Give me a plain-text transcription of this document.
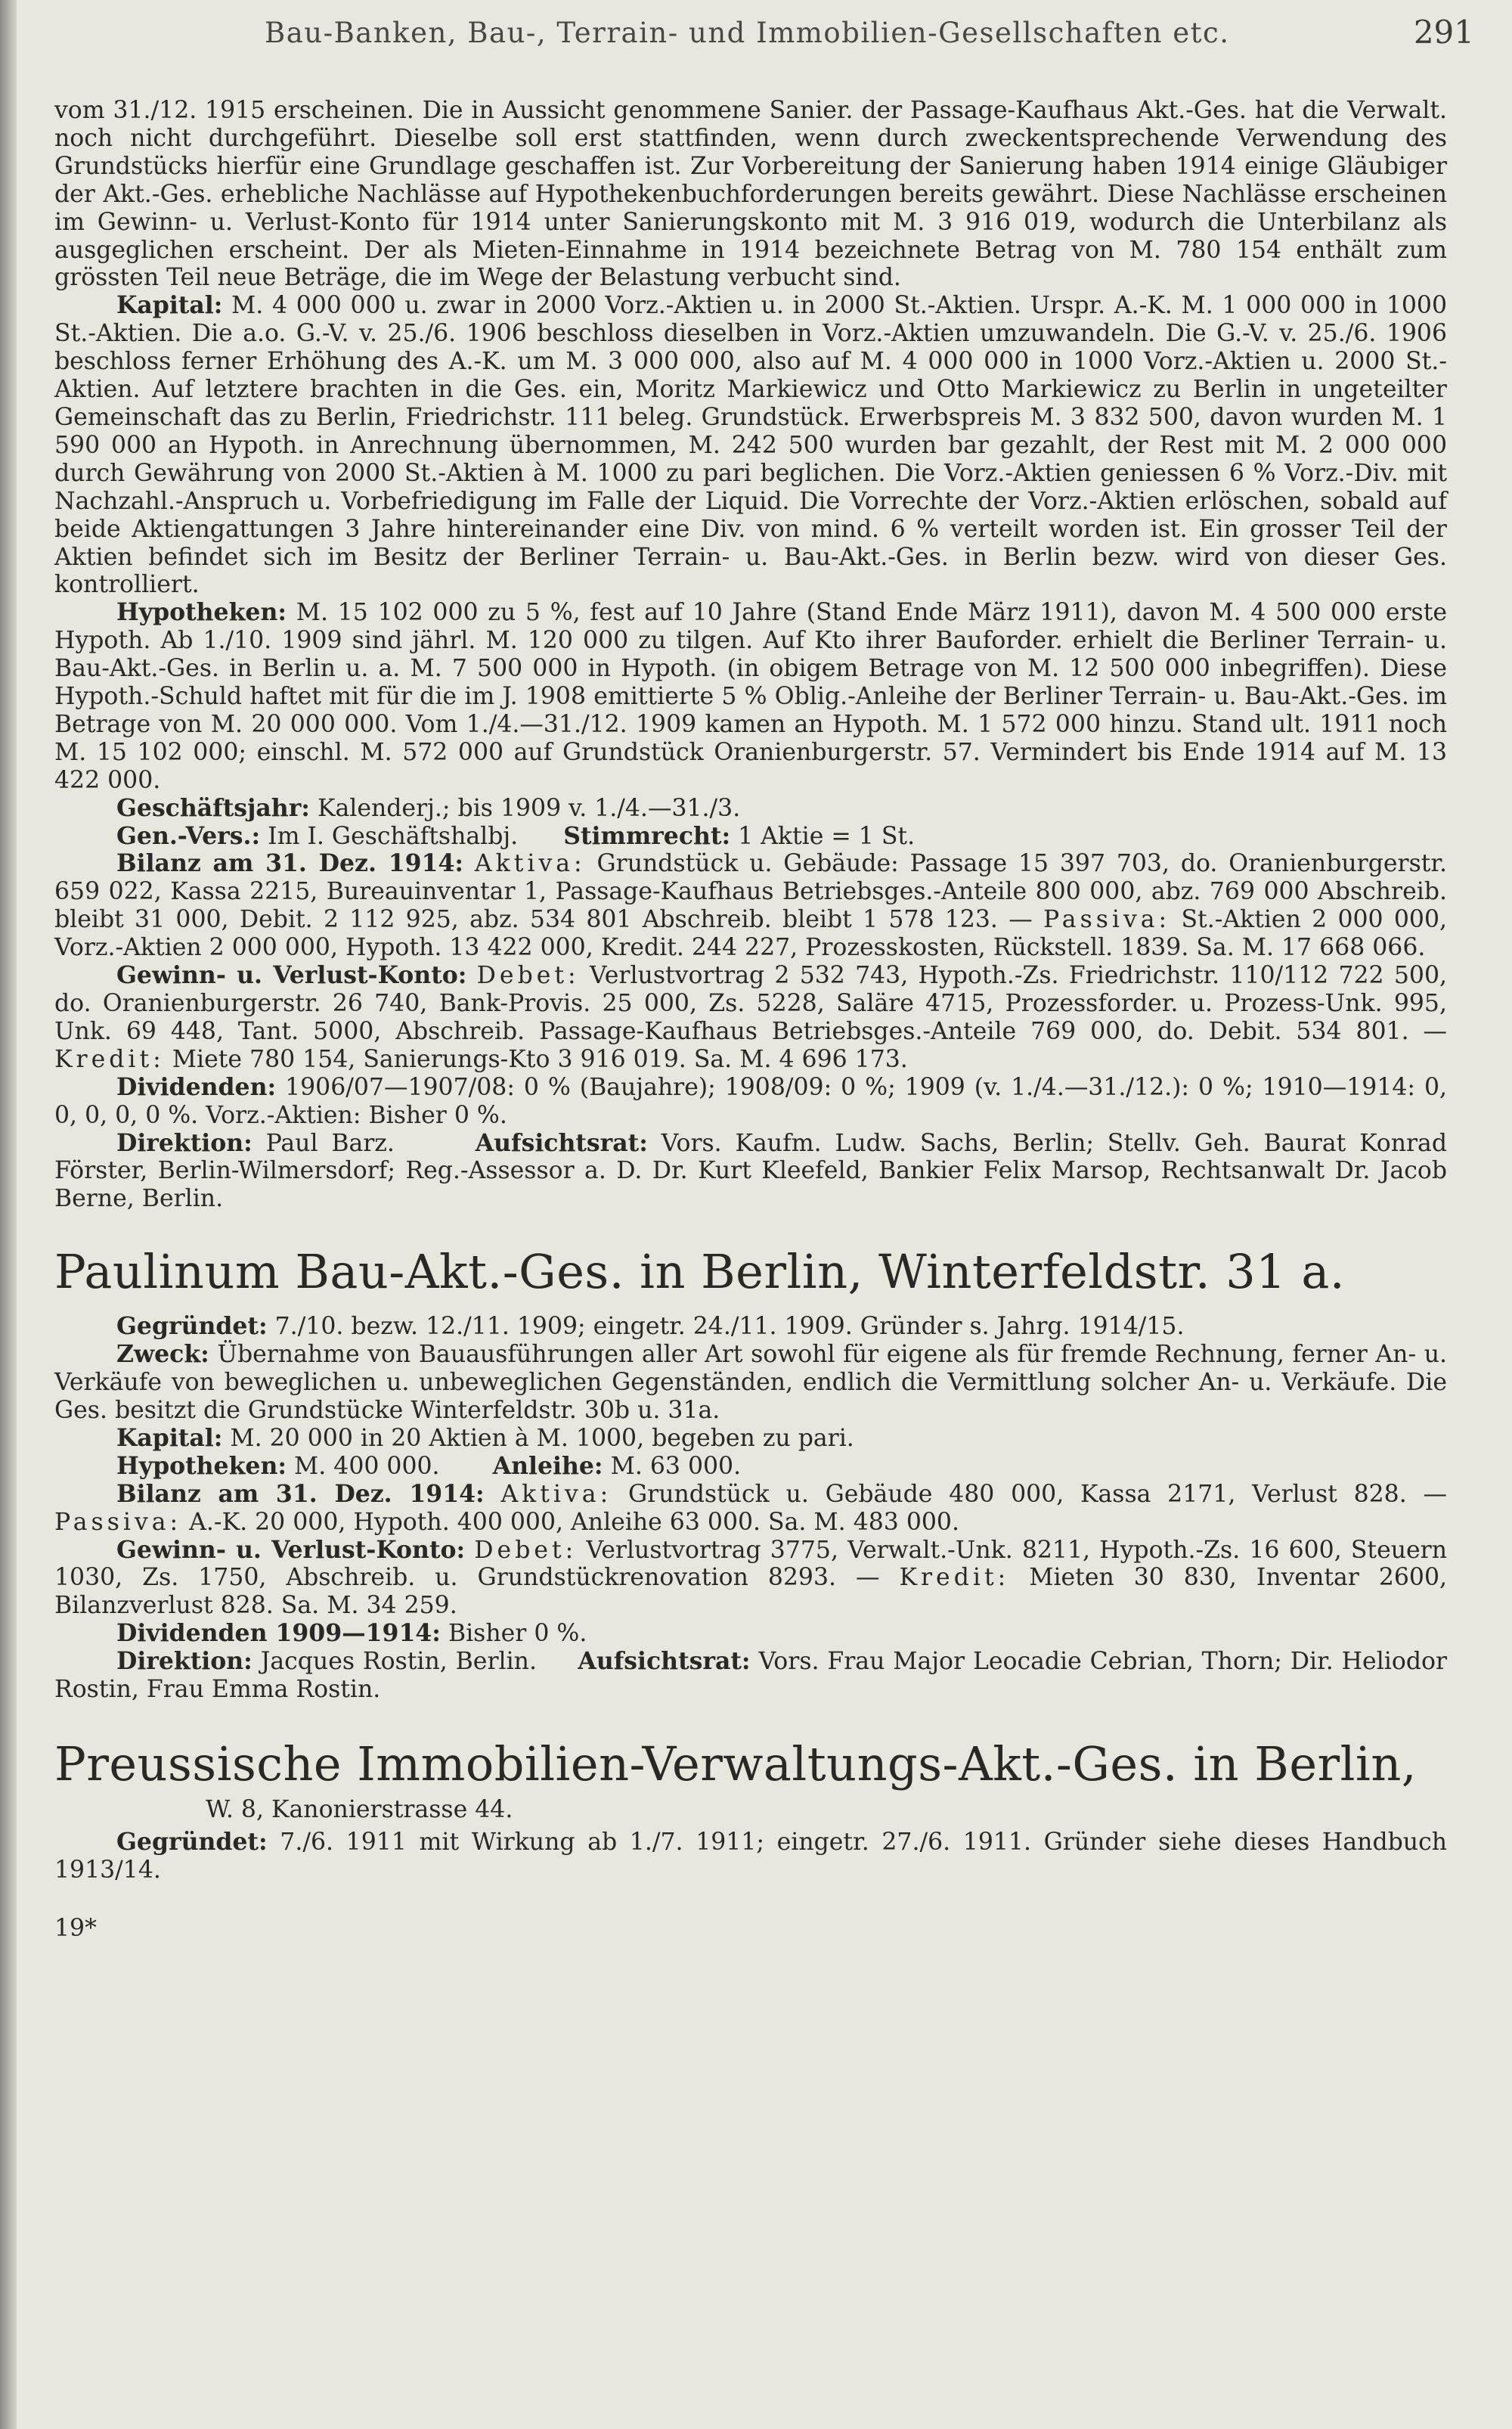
Bau-Banken, Bau-, Terrain- und Immobilien-Gesellschaften etc.	291

vom 31./12. 1915 erscheinen. Die in Aussicht genommene Sanier. der Passage-Kaufhaus Akt.-Ges. hat die Verwalt. noch nicht durchgeführt. Dieselbe soll erst stattfinden, wenn durch zweckentsprechende Verwendung des Grundstücks hierfür eine Grundlage geschaffen ist. Zur Vorbereitung der Sanierung haben 1914 einige Gläubiger der Akt.-Ges. erhebliche Nachlässe auf Hypothekenbuchforderungen bereits gewährt. Diese Nachlässe erscheinen im Gewinn- u. Verlust-Konto für 1914 unter Sanierungskonto mit M. 3 916 019, wodurch die Unterbilanz als ausgeglichen erscheint. Der als Mieten-Einnahme in 1914 bezeichnete Betrag von M. 780 154 enthält zum grössten Teil neue Beträge, die im Wege der Belastung verbucht sind.

Kapital: M. 4 000 000 u. zwar in 2000 Vorz.-Aktien u. in 2000 St.-Aktien. Urspr. A.-K. M. 1 000 000 in 1000 St.-Aktien. Die a.o. G.-V. v. 25./6. 1906 beschloss dieselben in Vorz.-Aktien umzuwandeln. Die G.-V. v. 25./6. 1906 beschloss ferner Erhöhung des A.-K. um M. 3 000 000, also auf M. 4 000 000 in 1000 Vorz.-Aktien u. 2000 St.-Aktien. Auf letztere brachten in die Ges. ein, Moritz Markiewicz und Otto Markiewicz zu Berlin in ungeteilter Gemeinschaft das zu Berlin, Friedrichstr. 111 beleg. Grundstück. Erwerbspreis M. 3 832 500, davon wurden M. 1 590 000 an Hypoth. in Anrechnung übernommen, M. 242 500 wurden bar gezahlt, der Rest mit M. 2 000 000 durch Gewährung von 2000 St.-Aktien à M. 1000 zu pari beglichen. Die Vorz.-Aktien geniessen 6 % Vorz.-Div. mit Nachzahl.-Anspruch u. Vorbefriedigung im Falle der Liquid. Die Vorrechte der Vorz.-Aktien erlöschen, sobald auf beide Aktiengattungen 3 Jahre hintereinander eine Div. von mind. 6 % verteilt worden ist. Ein grosser Teil der Aktien befindet sich im Besitz der Berliner Terrain- u. Bau-Akt.-Ges. in Berlin bezw. wird von dieser Ges. kontrolliert.

Hypotheken: M. 15 102 000 zu 5 %, fest auf 10 Jahre (Stand Ende März 1911), davon M. 4 500 000 erste Hypoth. Ab 1./10. 1909 sind jährl. M. 120 000 zu tilgen. Auf Kto ihrer Bauforder. erhielt die Berliner Terrain- u. Bau-Akt.-Ges. in Berlin u. a. M. 7 500 000 in Hypoth. (in obigem Betrage von M. 12 500 000 inbegriffen). Diese Hypoth.-Schuld haftet mit für die im J. 1908 emittierte 5 % Oblig.-Anleihe der Berliner Terrain- u. Bau-Akt.-Ges. im Betrage von M. 20 000 000. Vom 1./4.—31./12. 1909 kamen an Hypoth. M. 1 572 000 hinzu. Stand ult. 1911 noch M. 15 102 000; einschl. M. 572 000 auf Grundstück Oranienburgerstr. 57. Vermindert bis Ende 1914 auf M. 13 422 000.

Geschäftsjahr: Kalenderj.; bis 1909 v. 1./4.—31./3.

Gen.-Vers.: Im I. Geschäftshalbj. Stimmrecht: 1 Aktie = 1 St.

Bilanz am 31. Dez. 1914: Aktiva: Grundstück u. Gebäude: Passage 15 397 703, do. Oranienburgerstr. 659 022, Kassa 2215, Bureauinventar 1, Passage-Kaufhaus Betriebsges.-Anteile 800 000, abz. 769 000 Abschreib. bleibt 31 000, Debit. 2 112 925, abz. 534 801 Abschreib. bleibt 1 578 123. — Passiva: St.-Aktien 2 000 000, Vorz.-Aktien 2 000 000, Hypoth. 13 422 000, Kredit. 244 227, Prozesskosten, Rückstell. 1839. Sa. M. 17 668 066.

Gewinn- u. Verlust-Konto: Debet: Verlustvortrag 2 532 743, Hypoth.-Zs. Friedrichstr. 110/112 722 500, do. Oranienburgerstr. 26 740, Bank-Provis. 25 000, Zs. 5228, Saläre 4715, Prozessforder. u. Prozess-Unk. 995, Unk. 69 448, Tant. 5000, Abschreib. Passage-Kaufhaus Betriebsges.-Anteile 769 000, do. Debit. 534 801. — Kredit: Miete 780 154, Sanierungs-Kto 3 916 019. Sa. M. 4 696 173.

Dividenden: 1906/07—1907/08: 0 % (Baujahre); 1908/09: 0 %; 1909 (v. 1./4.—31./12.): 0 %; 1910—1914: 0, 0, 0, 0, 0 %. Vorz.-Aktien: Bisher 0 %.

Direktion: Paul Barz.	Aufsichtsrat: Vors. Kaufm. Ludw. Sachs, Berlin; Stellv. Geh. Baurat Konrad Förster, Berlin-Wilmersdorf; Reg.-Assessor a. D. Dr. Kurt Kleefeld, Bankier Felix Marsop, Rechtsanwalt Dr. Jacob Berne, Berlin.

Paulinum Bau-Akt.-Ges. in Berlin, Winterfeldstr. 31 a.

Gegründet: 7./10. bezw. 12./11. 1909; eingetr. 24./11. 1909. Gründer s. Jahrg. 1914/15.

Zweck: Übernahme von Bauausführungen aller Art sowohl für eigene als für fremde Rechnung, ferner An- u. Verkäufe von beweglichen u. unbeweglichen Gegenständen, endlich die Vermittlung solcher An- u. Verkäufe. Die Ges. besitzt die Grundstücke Winterfeldstr. 30b u. 31a.

Kapital: M. 20 000 in 20 Aktien à M. 1000, begeben zu pari.

Hypotheken: M. 400 000. Anleihe: M. 63 000.

Bilanz am 31. Dez. 1914: Aktiva: Grundstück u. Gebäude 480 000, Kassa 2171, Verlust 828. — Passiva: A.-K. 20 000, Hypoth. 400 000, Anleihe 63 000. Sa. M. 483 000.

Gewinn- u. Verlust-Konto: Debet: Verlustvortrag 3775, Verwalt.-Unk. 8211, Hypoth.-Zs. 16 600, Steuern 1030, Zs. 1750, Abschreib. u. Grundstückrenovation 8293. — Kredit: Mieten 30 830, Inventar 2600, Bilanzverlust 828. Sa. M. 34 259.

Dividenden 1909—1914: Bisher 0 %.

Direktion: Jacques Rostin, Berlin. Aufsichtsrat: Vors. Frau Major Leocadie Cebrian, Thorn; Dir. Heliodor Rostin, Frau Emma Rostin.

Preussische Immobilien-Verwaltungs-Akt.-Ges. in Berlin,

W. 8, Kanonierstrasse 44.

Gegründet: 7./6. 1911 mit Wirkung ab 1./7. 1911; eingetr. 27./6. 1911. Gründer siehe dieses Handbuch 1913/14.

19*
